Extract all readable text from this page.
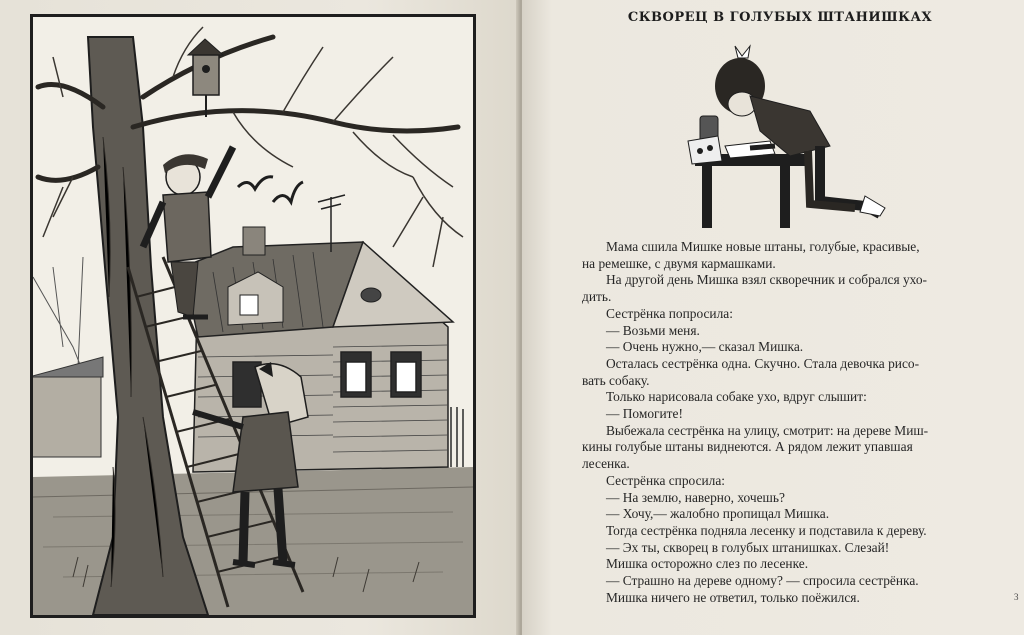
СКВОРЕЦ В ГОЛУБЫХ ШТАНИШКАХ

Мама сшила Мишке новые штаны, голубые, красивые,

на ремешке, с двумя кармашками.

На другой день Мишка взял скворечник и собрался ухо-

дить.

Сестрёнка попросила:

— Возьми меня.

— Очень нужно,— сказал Мишка.

Осталась сестрёнка одна. Скучно. Стала девочка рисо-

вать собаку.

Только нарисовала собаке ухо, вдруг слышит:

— Помогите!

Выбежала сестрёнка на улицу, смотрит: на дереве Миш-

кины голубые штаны виднеются. А рядом лежит упавшая

лесенка.

Сестрёнка спросила:

— На землю, наверно, хочешь?

— Хочу,— жалобно пропищал Мишка.

Тогда сестрёнка подняла лесенку и подставила к дереву.

— Эх ты, скворец в голубых штанишках. Слезай!

Мишка осторожно слез по лесенке.

— Страшно на дереве одному? — спросила сестрёнка.

Мишка ничего не ответил, только поёжился.	3
